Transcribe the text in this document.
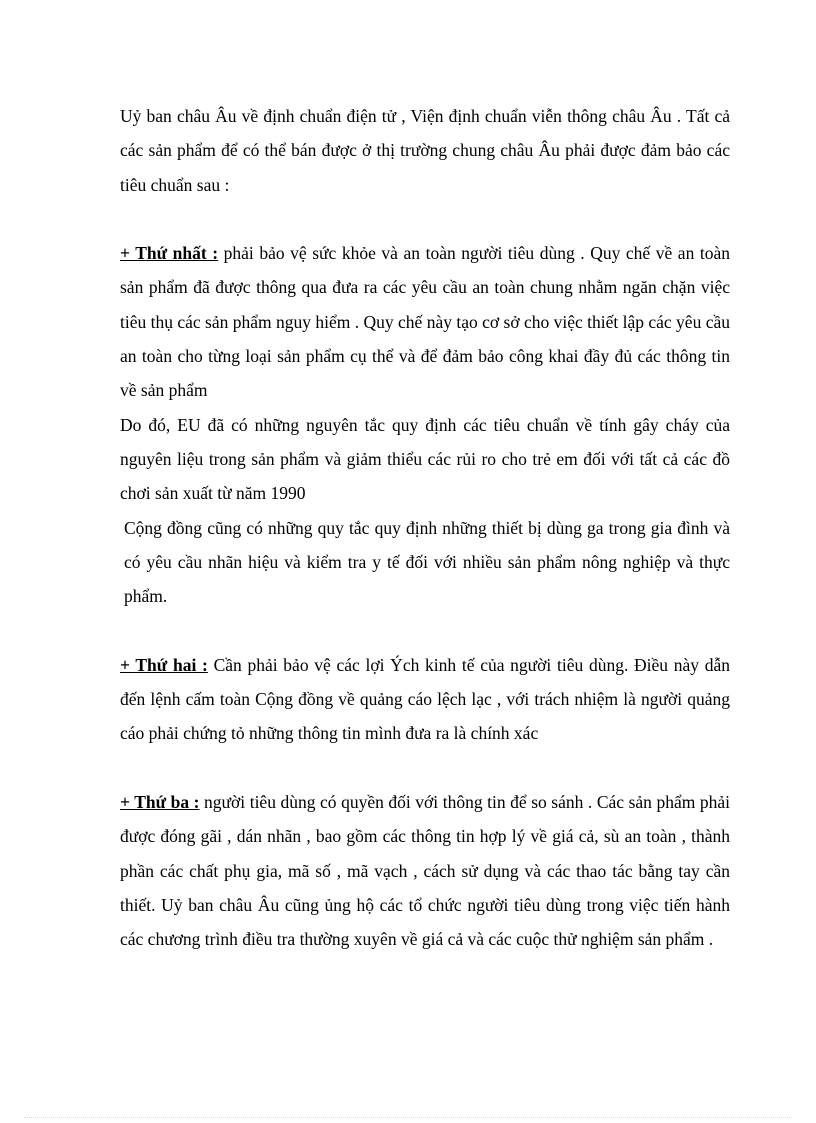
Uỷ ban châu Âu về định chuẩn điện tử , Viện định chuẩn viễn thông châu Âu . Tất cả các sản phẩm để có thể bán được ở thị trường chung châu Âu phải được đảm bảo các tiêu chuẩn sau :

+ Thứ nhất : phải bảo vệ sức khỏe và an toàn người tiêu dùng . Quy chế về an toàn sản phẩm đã được thông qua đưa ra các yêu cầu an toàn chung nhằm ngăn chặn việc tiêu thụ các sản phẩm nguy hiểm . Quy chế này tạo cơ sở cho việc thiết lập các yêu cầu an toàn cho từng loại sản phẩm cụ thể và để đảm bảo công khai đầy đủ các thông tin về sản phẩm

Do đó, EU đã có những nguyên tắc quy định các tiêu chuẩn về tính gây cháy của nguyên liệu trong sản phẩm và giảm thiểu các rủi ro cho trẻ em đối với tất cả các đồ chơi sản xuất từ năm 1990

Cộng đồng cũng có những quy tắc quy định những thiết bị dùng ga trong gia đình và có yêu cầu nhãn hiệu và kiểm tra y tế đối với nhiều sản phẩm nông nghiệp và thực phẩm.

+ Thứ hai : Cần phải bảo vệ các lợi Ých kinh tế của người tiêu dùng. Điều này dẫn đến lệnh cấm toàn Cộng đồng về quảng cáo lệch lạc , với trách nhiệm là người quảng cáo phải chứng tỏ những thông tin mình đưa ra là chính xác

+ Thứ ba : người tiêu dùng có quyền đối với thông tin để so sánh . Các sản phẩm phải được đóng gãi , dán nhãn , bao gồm các thông tin hợp lý về giá cả, sù an toàn , thành phần các chất phụ gia, mã số , mã vạch , cách sử dụng và các thao tác bằng tay cần thiết. Uỷ ban châu Âu cũng ủng hộ các tổ chức người tiêu dùng trong việc tiến hành các chương trình điều tra thường xuyên về giá cả và các cuộc thử nghiệm sản phẩm .
